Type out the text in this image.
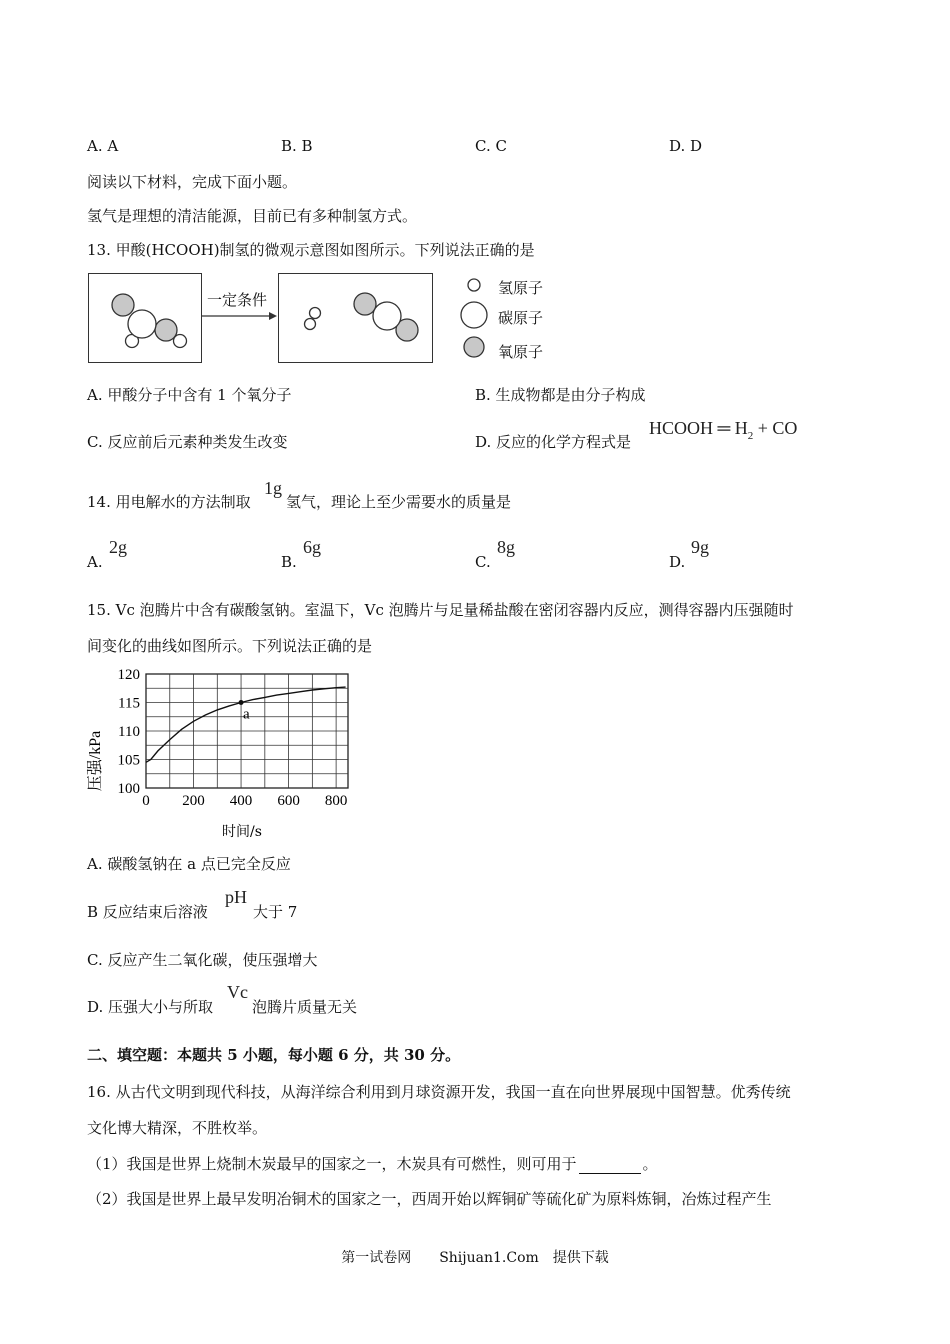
A. A	B. B	C. C	D. D
阅读以下材料，完成下面小题。
氢气是理想的清洁能源，目前已有多种制氢方式。
13. 甲酸(HCOOH)制氢的微观示意图如图所示。下列说法正确的是
一定条件
氢原子
碳原子
氧原子
A. 甲酸分子中含有 1 个氧分子	B. 生成物都是由分子构成
C. 反应前后元素种类发生改变	D. 反应的化学方程式是
HCOOH ═ $H_2$ + CO
14. 用电解水的方法制取
1g
氢气，理论上至少需要水的质量是
A.
2g
B.
6g
C.
8g
D.
9g
15. Vc 泡腾片中含有碳酸氢钠。室温下，Vc 泡腾片与足量稀盐酸在密闭容器内反应，测得容器内压强随时
间变化的曲线如图所示。下列说法正确的是
0 200 400 600 800
100
105
110
115
120
a
压强/kPa
时间/s
A. 碳酸氢钠在 a 点已完全反应
B 反应结束后溶液
pH
大于 7
C. 反应产生二氧化碳，使压强增大
D. 压强大小与所取
Vc
泡腾片质量无关
二、填空题：本题共 5 小题，每小题 6 分，共 30 分。
16. 从古代文明到现代科技，从海洋综合利用到月球资源开发，我国一直在向世界展现中国智慧。优秀传统
文化博大精深，不胜枚举。
（1）我国是世界上烧制木炭最早的国家之一，木炭具有可燃性，则可用于	。
（2）我国是世界上最早发明冶铜术的国家之一，西周开始以辉铜矿等硫化矿为原料炼铜，冶炼过程产生
第一试卷网　　Shijuan1.Com　提供下载
